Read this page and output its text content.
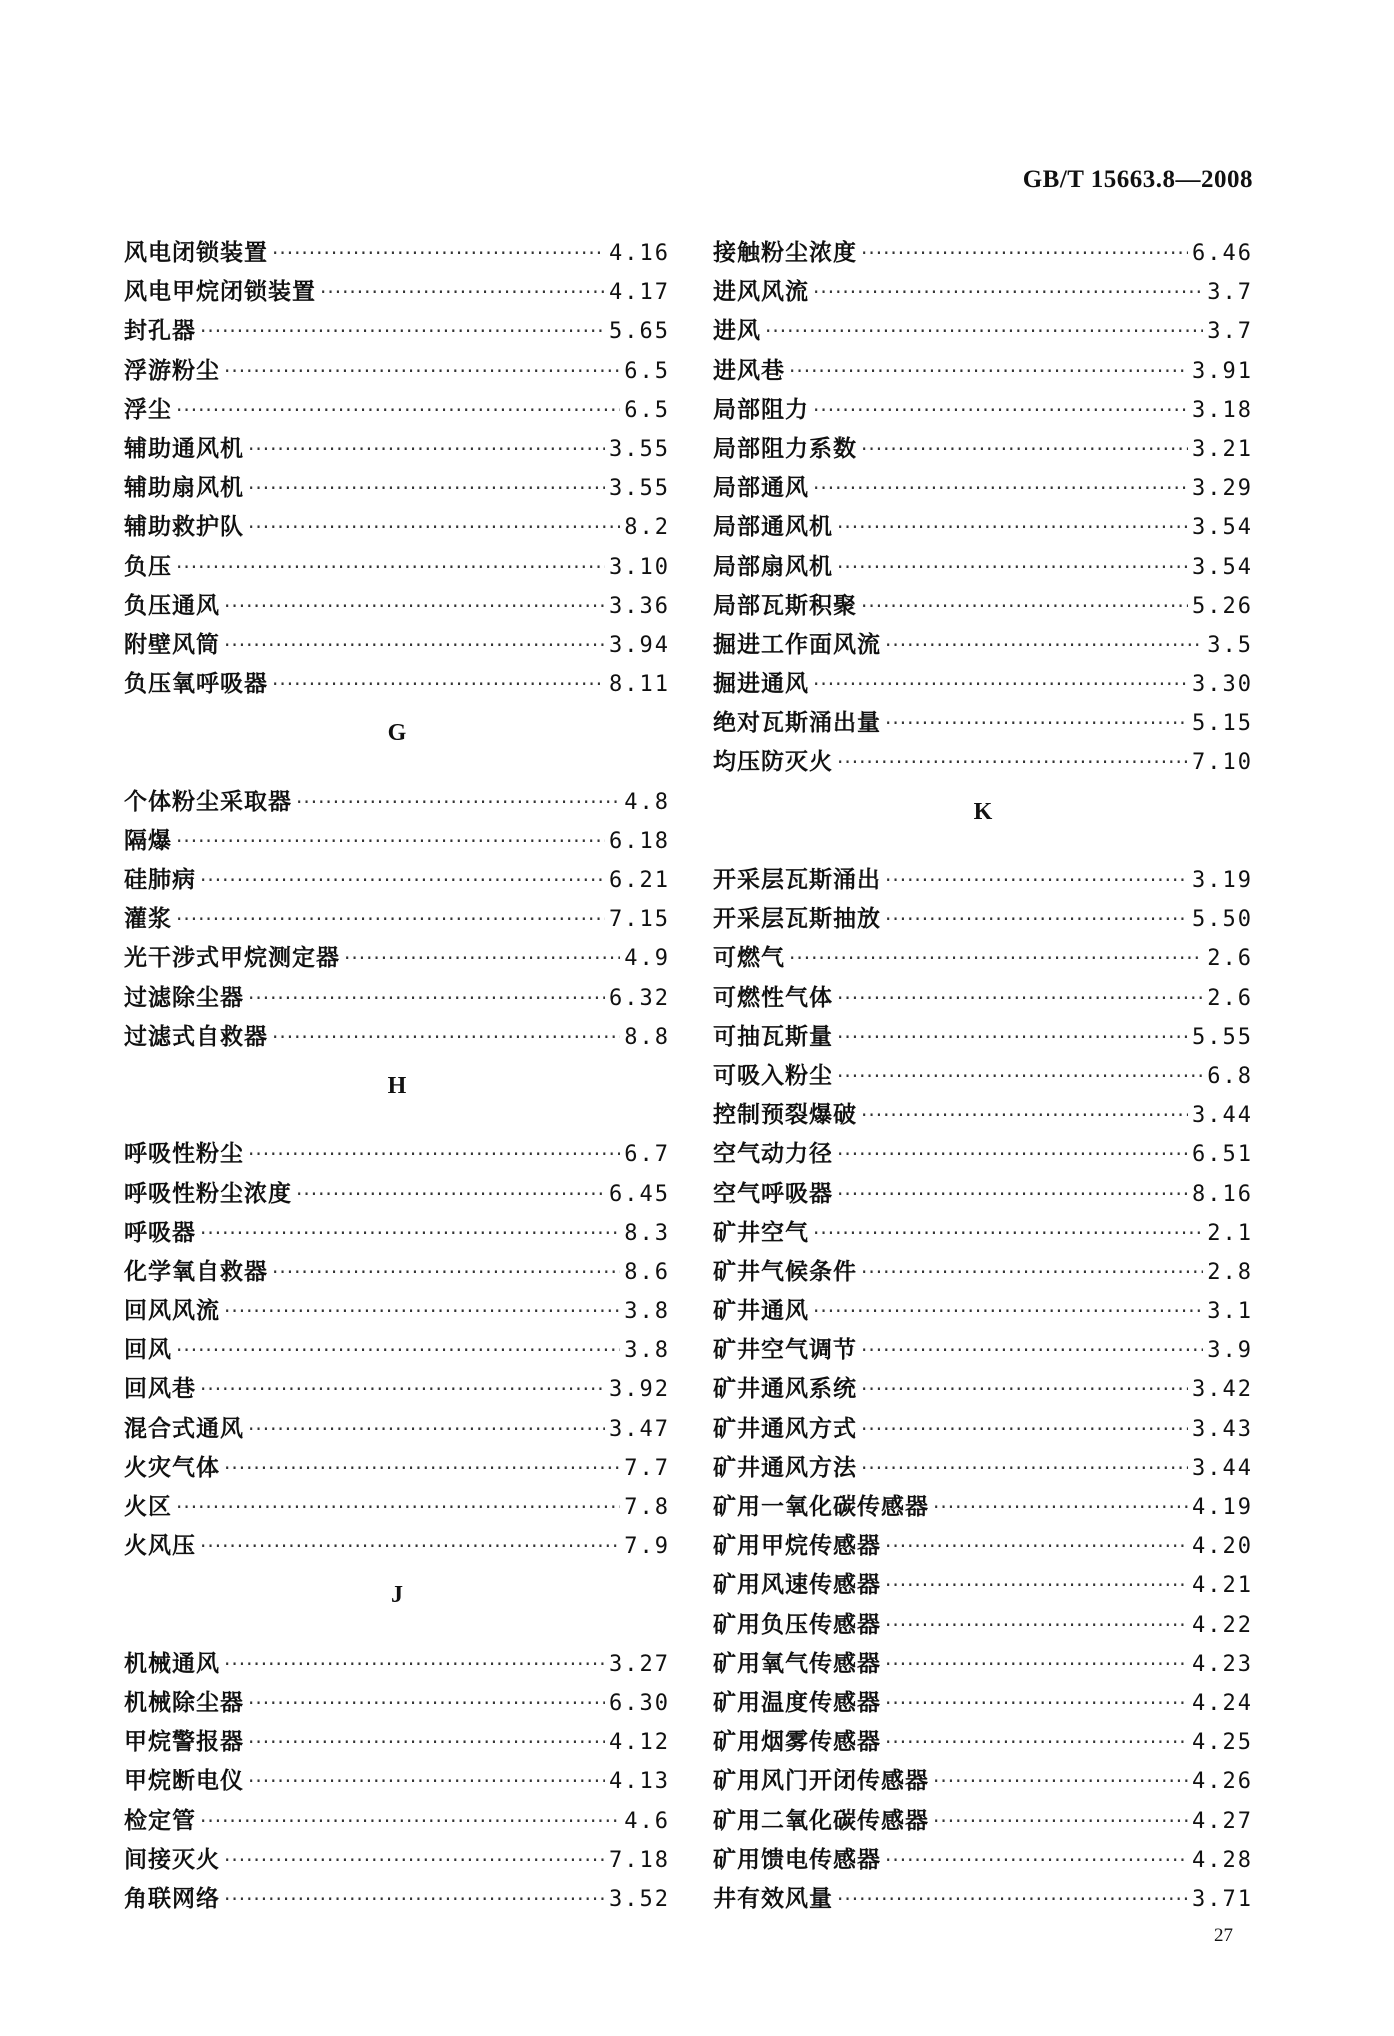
GB/T 15663.8—2008
风电闭锁装置 ·····	4.16
风电甲烷闭锁装置 ·····	4.17
封孔器 ·····	5.65
浮游粉尘 ·····	6.5
浮尘 ·····	6.5
辅助通风机 ·····	3.55
辅助扇风机 ·····	3.55
辅助救护队 ·····	8.2
负压 ·····	3.10
负压通风 ·····	3.36
附壁风筒 ·····	3.94
负压氧呼吸器 ·····	8.11
G
个体粉尘采取器 ·····	4.8
隔爆 ·····	6.18
硅肺病 ·····	6.21
灌浆 ·····	7.15
光干涉式甲烷测定器 ·····	4.9
过滤除尘器 ·····	6.32
过滤式自救器 ·····	8.8
H
呼吸性粉尘 ·····	6.7
呼吸性粉尘浓度 ·····	6.45
呼吸器 ·····	8.3
化学氧自救器 ·····	8.6
回风风流 ·····	3.8
回风 ·····	3.8
回风巷 ·····	3.92
混合式通风 ·····	3.47
火灾气体 ·····	7.7
火区 ·····	7.8
火风压 ·····	7.9
J
机械通风 ·····	3.27
机械除尘器 ·····	6.30
甲烷警报器 ·····	4.12
甲烷断电仪 ·····	4.13
检定管 ·····	4.6
间接灭火 ·····	7.18
角联网络 ·····	3.52
接触粉尘浓度 ·····	6.46
进风风流 ·····	3.7
进风 ·····	3.7
进风巷 ·····	3.91
局部阻力 ·····	3.18
局部阻力系数 ·····	3.21
局部通风 ·····	3.29
局部通风机 ·····	3.54
局部扇风机 ·····	3.54
局部瓦斯积聚 ·····	5.26
掘进工作面风流 ·····	3.5
掘进通风 ·····	3.30
绝对瓦斯涌出量 ·····	5.15
均压防灭火 ·····	7.10
K
开采层瓦斯涌出 ·····	3.19
开采层瓦斯抽放 ·····	5.50
可燃气 ·····	2.6
可燃性气体 ·····	2.6
可抽瓦斯量 ·····	5.55
可吸入粉尘 ·····	6.8
控制预裂爆破 ·····	3.44
空气动力径 ·····	6.51
空气呼吸器 ·····	8.16
矿井空气 ·····	2.1
矿井气候条件 ·····	2.8
矿井通风 ·····	3.1
矿井空气调节 ·····	3.9
矿井通风系统 ·····	3.42
矿井通风方式 ·····	3.43
矿井通风方法 ·····	3.44
矿用一氧化碳传感器 ·····	4.19
矿用甲烷传感器 ·····	4.20
矿用风速传感器 ·····	4.21
矿用负压传感器 ·····	4.22
矿用氧气传感器 ·····	4.23
矿用温度传感器 ·····	4.24
矿用烟雾传感器 ·····	4.25
矿用风门开闭传感器 ·····	4.26
矿用二氧化碳传感器 ·····	4.27
矿用馈电传感器 ·····	4.28
井有效风量 ·····	3.71
27
